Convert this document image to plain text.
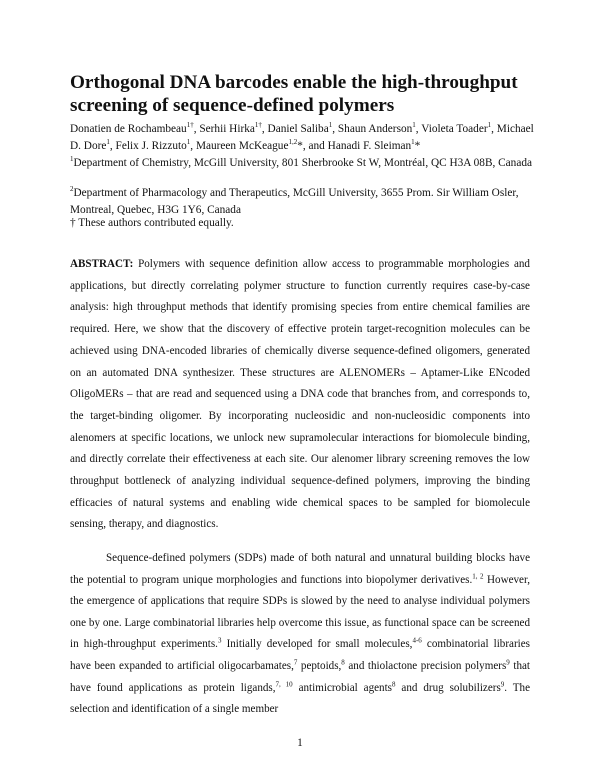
Orthogonal DNA barcodes enable the high-throughput screening of sequence-defined polymers
Donatien de Rochambeau$^{1\dagger}$, Serhii Hirka$^{1\dagger}$, Daniel Saliba$^1$, Shaun Anderson$^1$, Violeta Toader$^1$, Michael D. Dore$^1$, Felix J. Rizzuto$^1$, Maureen McKeague$^{1,2}$*, and Hanadi F. Sleiman$^1$*
$^1$Department of Chemistry, McGill University, 801 Sherbrooke St W, Montréal, QC H3A 08B, Canada
$^2$Department of Pharmacology and Therapeutics, McGill University, 3655 Prom. Sir William Osler, Montreal, Quebec, H3G 1Y6, Canada
† These authors contributed equally.
ABSTRACT: Polymers with sequence definition allow access to programmable morphologies and applications, but directly correlating polymer structure to function currently requires case-by-case analysis: high throughput methods that identify promising species from entire chemical families are required. Here, we show that the discovery of effective protein target-recognition molecules can be achieved using DNA-encoded libraries of chemically diverse sequence-defined oligomers, generated on an automated DNA synthesizer. These structures are ALENOMERs – Aptamer-Like ENcoded OligoMERs – that are read and sequenced using a DNA code that branches from, and corresponds to, the target-binding oligomer. By incorporating nucleosidic and non-nucleosidic components into alenomers at specific locations, we unlock new supramolecular interactions for biomolecule binding, and directly correlate their effectiveness at each site. Our alenomer library screening removes the low throughput bottleneck of analyzing individual sequence-defined polymers, improving the binding efficacies of natural systems and enabling wide chemical spaces to be sampled for biomolecule sensing, therapy, and diagnostics.
Sequence-defined polymers (SDPs) made of both natural and unnatural building blocks have the potential to program unique morphologies and functions into biopolymer derivatives.$^{1, 2}$ However, the emergence of applications that require SDPs is slowed by the need to analyse individual polymers one by one. Large combinatorial libraries help overcome this issue, as functional space can be screened in high-throughput experiments.$^3$ Initially developed for small molecules,$^{4-6}$ combinatorial libraries have been expanded to artificial oligocarbamates,$^7$ peptoids,$^8$ and thiolactone precision polymers$^9$ that have found applications as protein ligands,$^{7, 10}$ antimicrobial agents$^8$ and drug solubilizers$^9$. The selection and identification of a single member
1
